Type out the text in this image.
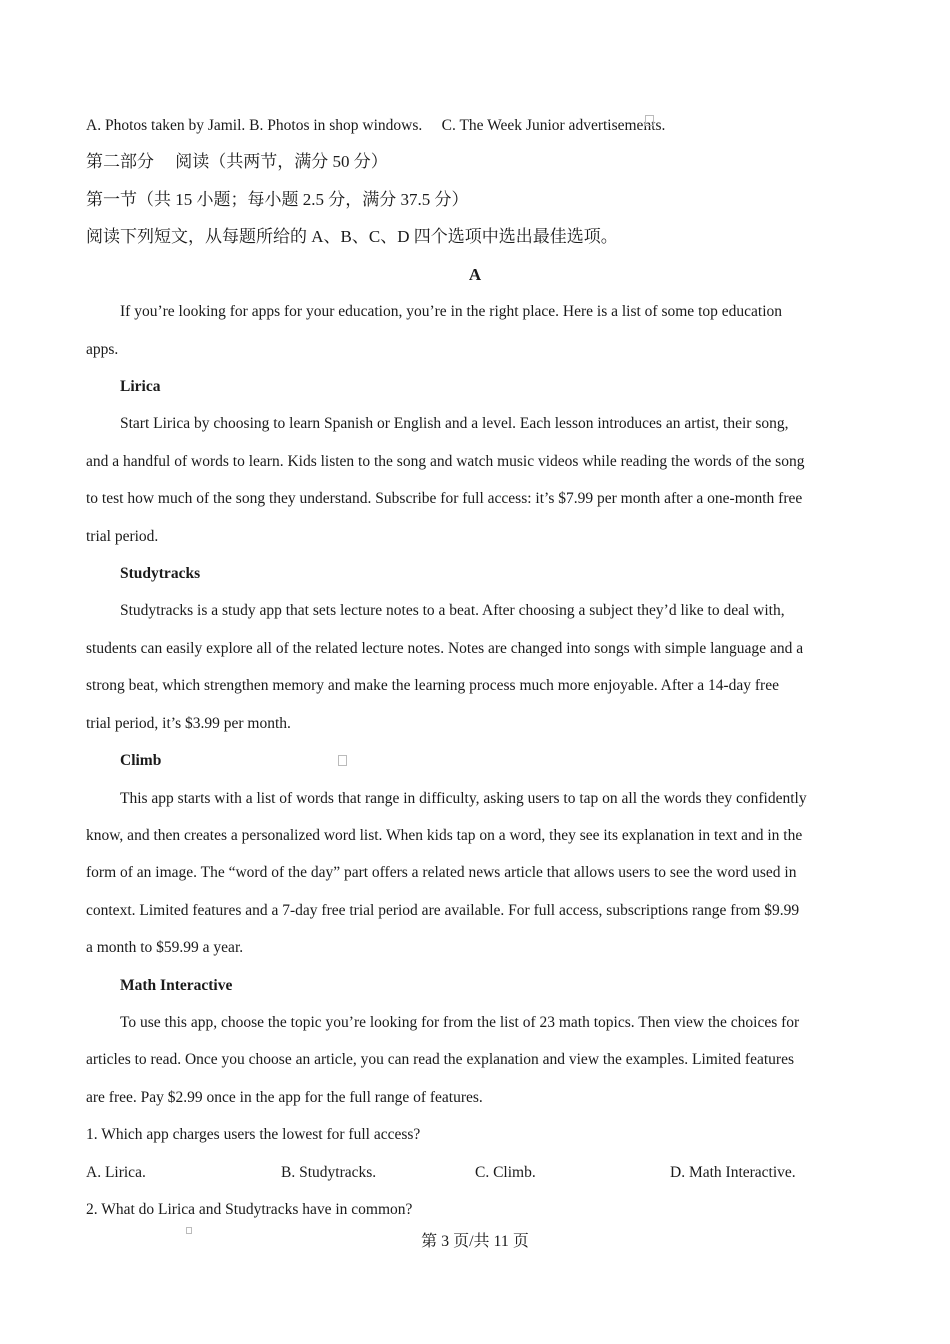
A. Photos taken by Jamil. B. Photos in shop windows.  C. The Week Junior advertisements.
第二部分　 阅读（共两节，满分 50 分）
第一节（共 15 小题；每小题 2.5 分，满分 37.5 分）
阅读下列短文，从每题所给的 A、B、C、D 四个选项中选出最佳选项。
A
If you’re looking for apps for your education, you’re in the right place. Here is a list of some top education
apps.
Lirica
Start Lirica by choosing to learn Spanish or English and a level. Each lesson introduces an artist, their song,
and a handful of words to learn. Kids listen to the song and watch music videos while reading the words of the song
to test how much of the song they understand. Subscribe for full access: it’s $7.99 per month after a one-month free
trial period.
Studytracks
Studytracks is a study app that sets lecture notes to a beat. After choosing a subject they’d like to deal with,
students can easily explore all of the related lecture notes. Notes are changed into songs with simple language and a
strong beat, which strengthen memory and make the learning process much more enjoyable. After a 14-day free
trial period, it’s $3.99 per month.
Climb
This app starts with a list of words that range in difficulty, asking users to tap on all the words they confidently
know, and then creates a personalized word list. When kids tap on a word, they see its explanation in text and in the
form of an image. The “word of the day” part offers a related news article that allows users to see the word used in
context. Limited features and a 7-day free trial period are available. For full access, subscriptions range from $9.99
a month to $59.99 a year.
Math Interactive
To use this app, choose the topic you’re looking for from the list of 23 math topics. Then view the choices for
articles to read. Once you choose an article, you can read the explanation and view the examples. Limited features
are free. Pay $2.99 once in the app for the full range of features.
1. Which app charges users the lowest for full access?
A. Lirica.	B. Studytracks.	C. Climb.	D. Math Interactive.
2. What do Lirica and Studytracks have in common?
第 3 页/共 11 页
